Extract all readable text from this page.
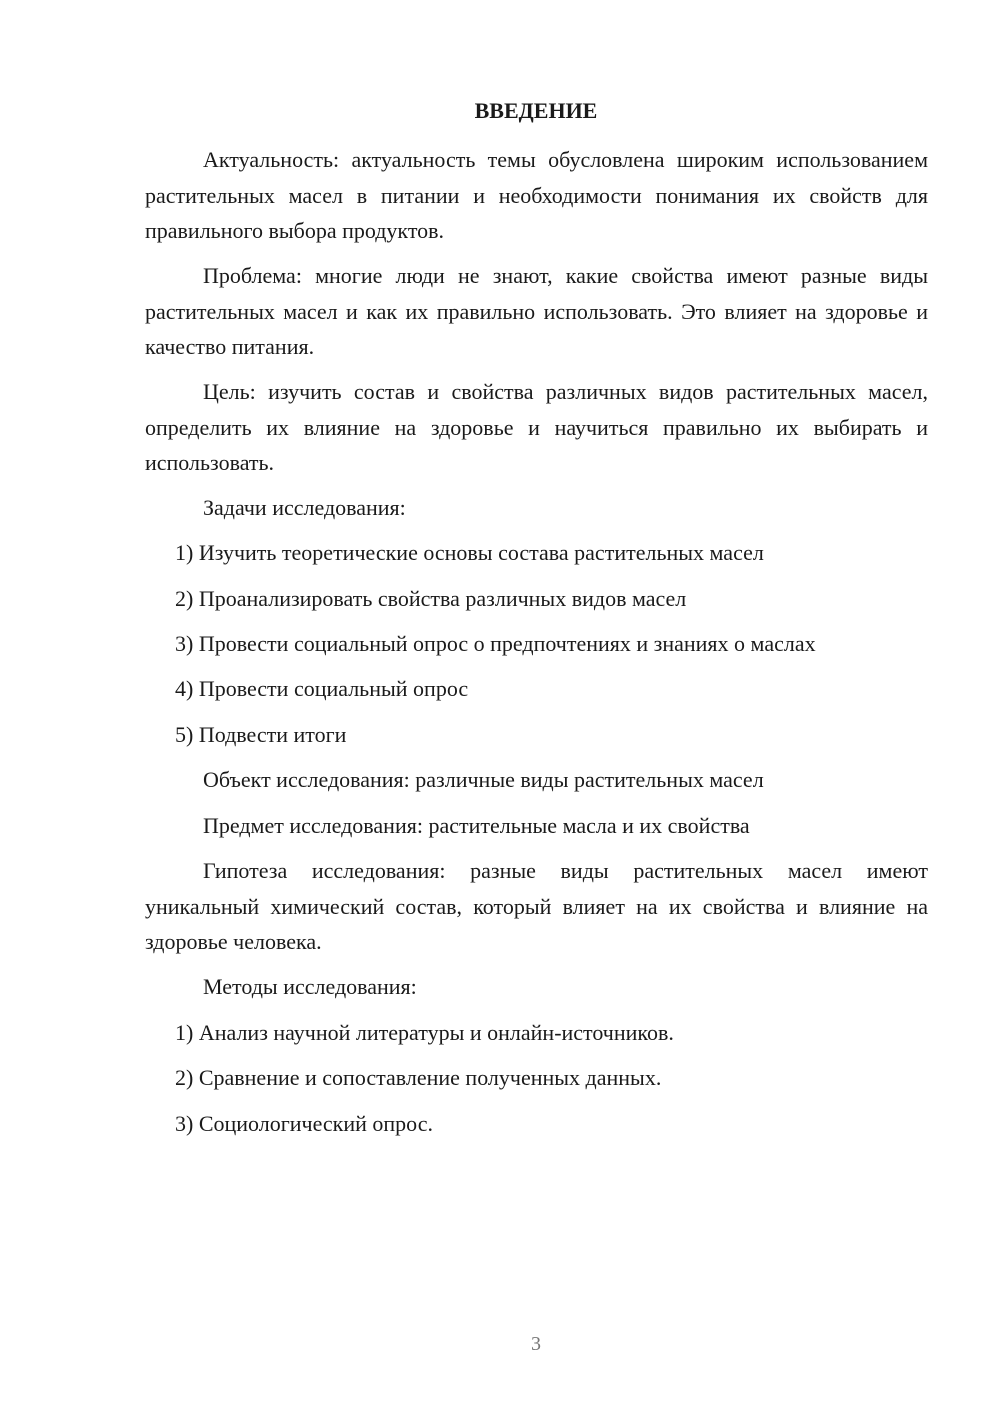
ВВЕДЕНИЕ

Актуальность: актуальность темы обусловлена широким использованием растительных масел в питании и необходимости понимания их свойств для правильного выбора продуктов.

Проблема: многие люди не знают, какие свойства имеют разные виды растительных масел и как их правильно использовать. Это влияет на здоровье и качество питания.

Цель: изучить состав и свойства различных видов растительных масел, определить их влияние на здоровье и научиться правильно их выбирать и использовать.

Задачи исследования:

1) Изучить теоретические основы состава растительных масел
2) Проанализировать свойства различных видов масел
3) Провести социальный опрос о предпочтениях и знаниях о маслах
4) Провести социальный опрос
5) Подвести итоги

Объект исследования: различные виды растительных масел

Предмет исследования: растительные масла и их свойства

Гипотеза исследования: разные виды растительных масел имеют уникальный химический состав, который влияет на их свойства и влияние на здоровье человека.

Методы исследования:

1) Анализ научной литературы и онлайн-источников.
2) Сравнение и сопоставление полученных данных.
3) Социологический опрос.
3
